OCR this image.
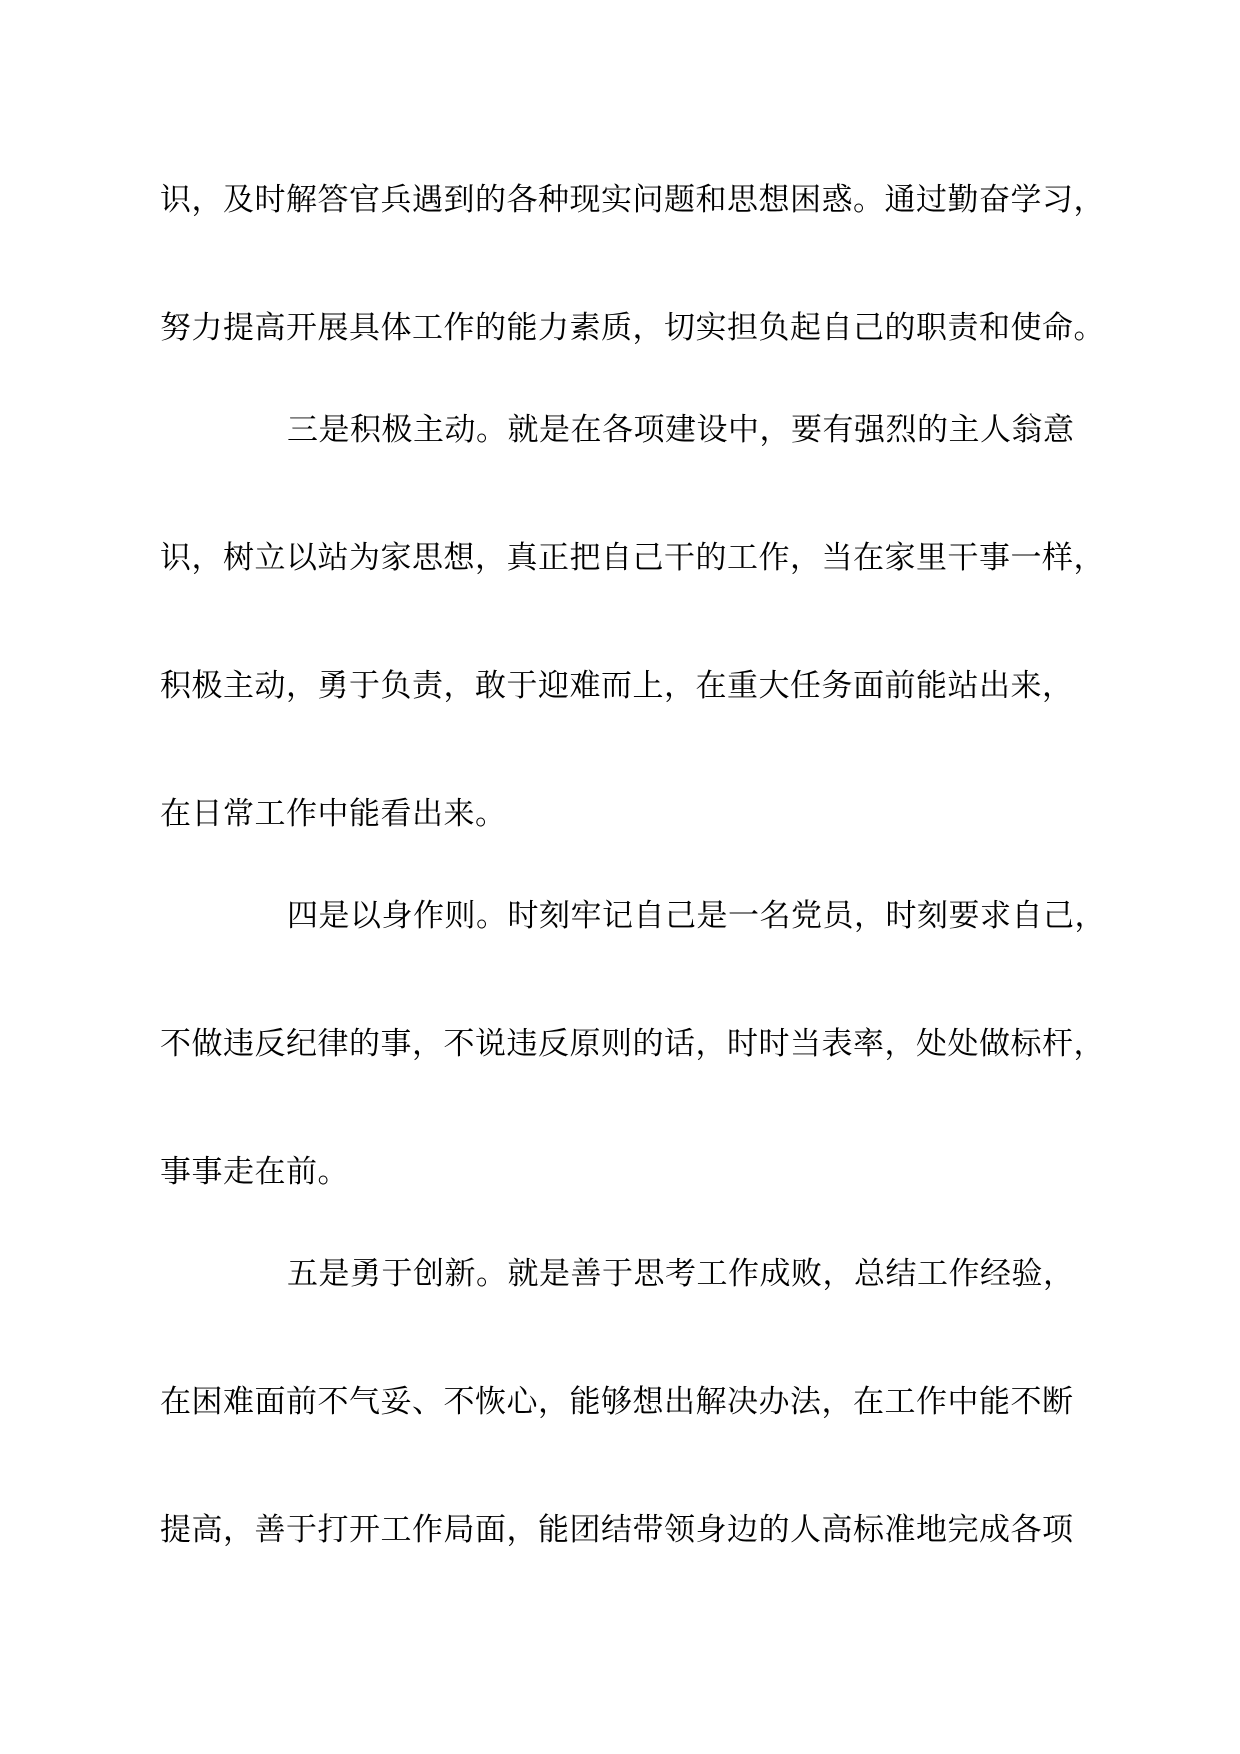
识，及时解答官兵遇到的各种现实问题和思想困惑。通过勤奋学习，
努力提高开展具体工作的能力素质，切实担负起自己的职责和使命。
三是积极主动。就是在各项建设中，要有强烈的主人翁意
识，树立以站为家思想，真正把自己干的工作，当在家里干事一样，
积极主动，勇于负责，敢于迎难而上，在重大任务面前能站出来，
在日常工作中能看出来。
四是以身作则。时刻牢记自己是一名党员，时刻要求自己，
不做违反纪律的事，不说违反原则的话，时时当表率，处处做标杆，
事事走在前。
五是勇于创新。就是善于思考工作成败，总结工作经验，
在困难面前不气妥、不恢心，能够想出解决办法，在工作中能不断
提高，善于打开工作局面，能团结带领身边的人高标准地完成各项
